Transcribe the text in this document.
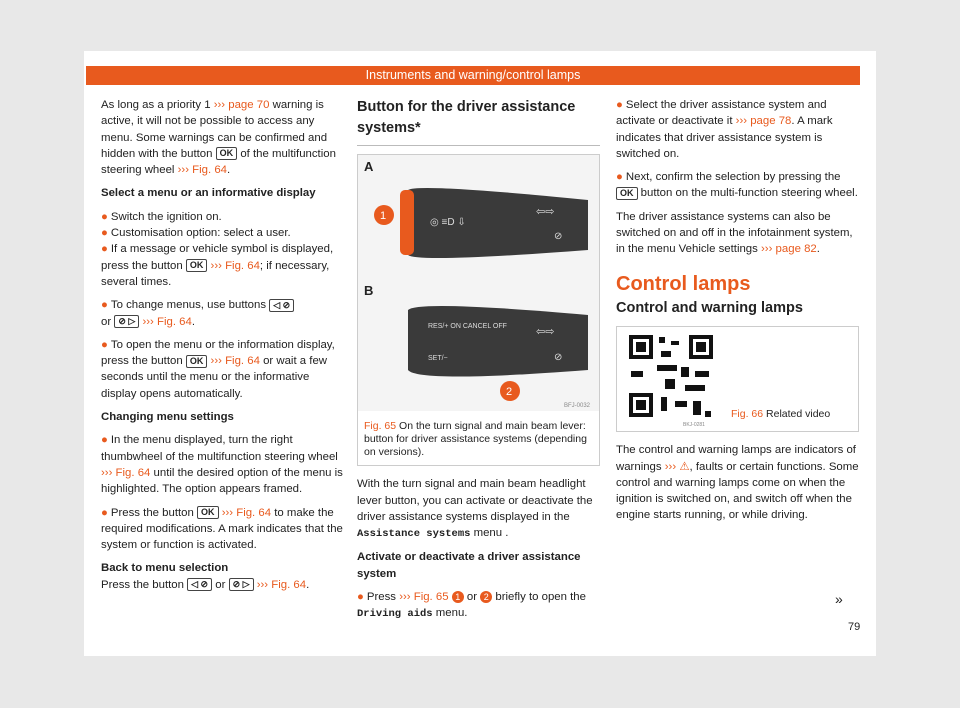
Instruments and warning/control lamps

As long as a priority 1 ››› page 70 warning is active, it will not be possible to access any menu. Some warnings can be confirmed and hidden with the button OK of the multifunction steering wheel ››› Fig. 64.

Select a menu or an informative display

● Switch the ignition on.
● Customisation option: select a user.

● If a message or vehicle symbol is displayed, press the button OK ››› Fig. 64; if necessary, several times.

● To change menus, use buttons ◁ ⊘
or ⊘ ▷ ››› Fig. 64.

● To open the menu or the information display, press the button OK ››› Fig. 64 or wait a few seconds until the menu or the informative display opens automatically.

Changing menu settings

● In the menu displayed, turn the right thumbwheel of the multifunction steering wheel ››› Fig. 64 until the desired option of the menu is highlighted. The option appears framed.

● Press the button OK ››› Fig. 64 to make the required modifications. A mark indicates that the system or function is activated.

Back to menu selection

Press the button ◁ ⊘ or ⊘ ▷ ››› Fig. 64.

Button for the driver assistance systems*
A
⇦⇨
⊘
◎ ≡D ⇩
1
B
RES/+ ON CANCEL OFF
SET/−
⇦⇨
⊘
2
BFJ-0032
Fig. 65 On the turn signal and main beam lever: button for driver assistance systems (depending on versions).

With the turn signal and main beam headlight lever button, you can activate or deactivate the driver assistance systems displayed in the Assistance systems menu .

Activate or deactivate a driver assistance system

● Press ››› Fig. 65 1 or 2 briefly to open the Driving aids menu.

● Select the driver assistance system and activate or deactivate it ››› page 78. A mark indicates that driver assistance system is switched on.

● Next, confirm the selection by pressing the OK button on the multi-function steering wheel.

The driver assistance systems can also be switched on and off in the infotainment system, in the menu Vehicle settings ››› page 82.

Control lamps
Control and warning lamps
BKJ-0281
Fig. 66 Related video

The control and warning lamps are indicators of warnings ››› ⚠, faults or certain functions. Some control and warning lamps come on when the ignition is switched on, and switch off when the engine starts running, or while driving.

»
79
